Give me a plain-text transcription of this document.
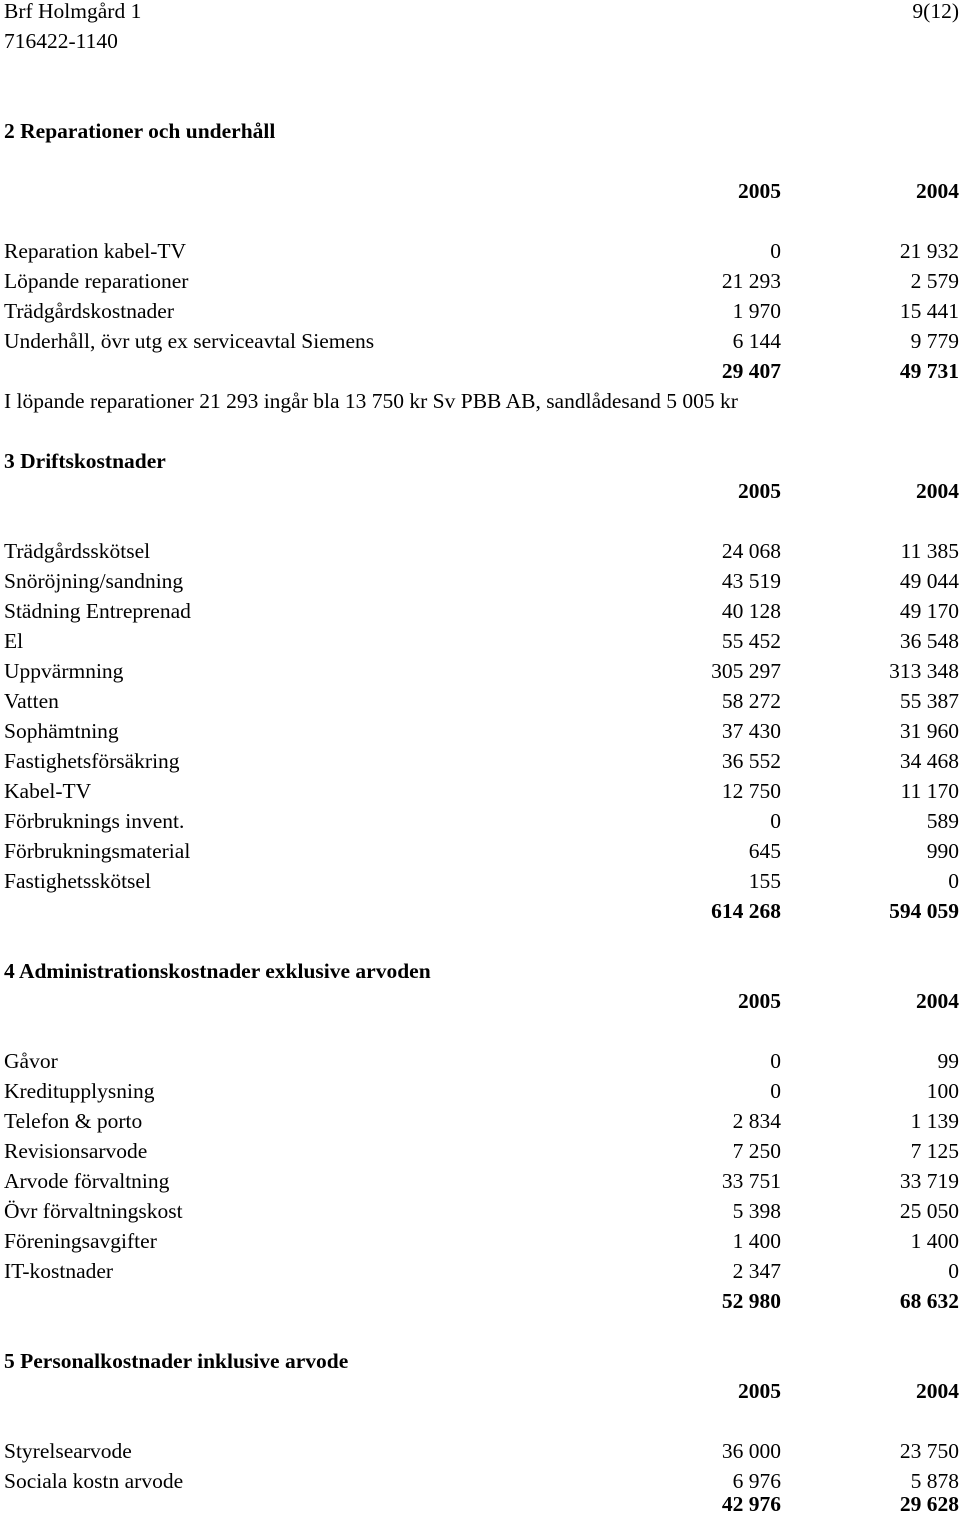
Brf Holmgård 1	9(12)
716422-1140
2 Reparationer och underhåll
2005	2004
Reparation kabel-TV	0	21 932
Löpande reparationer	21 293	2 579
Trädgårdskostnader	1 970	15 441
Underhåll, övr utg ex serviceavtal Siemens	6 144	9 779
29 407	49 731
I löpande reparationer 21 293 ingår bla 13 750 kr Sv PBB AB, sandlådesand 5 005 kr
3 Driftskostnader
2005	2004
Trädgårdsskötsel	24 068	11 385
Snöröjning/sandning	43 519	49 044
Städning Entreprenad	40 128	49 170
El	55 452	36 548
Uppvärmning	305 297	313 348
Vatten	58 272	55 387
Sophämtning	37 430	31 960
Fastighetsförsäkring	36 552	34 468
Kabel-TV	12 750	11 170
Förbruknings invent.	0	589
Förbrukningsmaterial	645	990
Fastighetsskötsel	155	0
614 268	594 059
4 Administrationskostnader exklusive arvoden
2005	2004
Gåvor	0	99
Kreditupplysning	0	100
Telefon & porto	2 834	1 139
Revisionsarvode	7 250	7 125
Arvode förvaltning	33 751	33 719
Övr förvaltningskost	5 398	25 050
Föreningsavgifter	1 400	1 400
IT-kostnader	2 347	0
52 980	68 632
5 Personalkostnader inklusive arvode
2005	2004
Styrelsearvode	36 000	23 750
Sociala kostn arvode	6 976	5 878
42 976	29 628
